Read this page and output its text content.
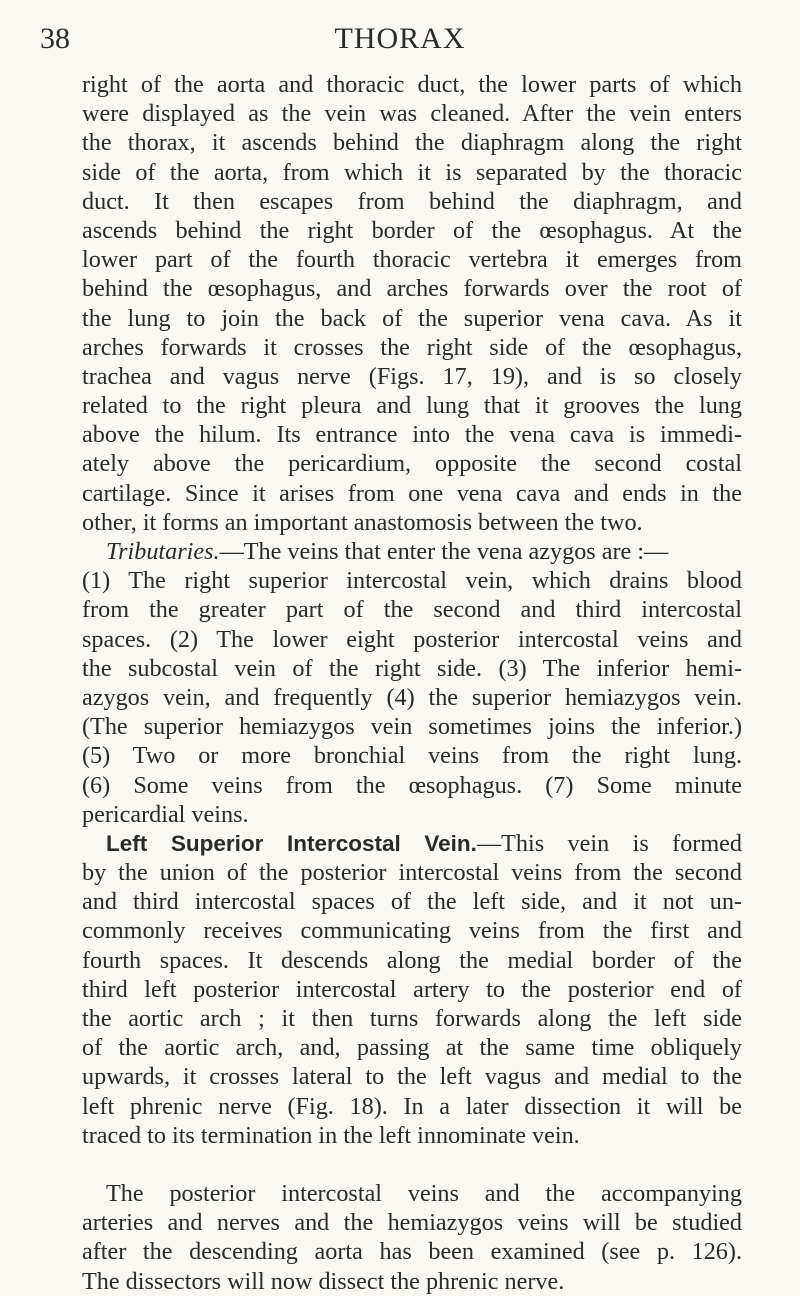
38	THORAX
right of the aorta and thoracic duct, the lower parts of which
were displayed as the vein was cleaned. After the vein enters
the thorax, it ascends behind the diaphragm along the right
side of the aorta, from which it is separated by the thoracic
duct. It then escapes from behind the diaphragm, and
ascends behind the right border of the œsophagus. At the
lower part of the fourth thoracic vertebra it emerges from
behind the œsophagus, and arches forwards over the root of
the lung to join the back of the superior vena cava. As it
arches forwards it crosses the right side of the œsophagus,
trachea and vagus nerve (Figs. 17, 19), and is so closely
related to the right pleura and lung that it grooves the lung
above the hilum. Its entrance into the vena cava is immedi-
ately above the pericardium, opposite the second costal
cartilage. Since it arises from one vena cava and ends in the
other, it forms an important anastomosis between the two.
Tributaries.—The veins that enter the vena azygos are :—
(1) The right superior intercostal vein, which drains blood
from the greater part of the second and third intercostal
spaces. (2) The lower eight posterior intercostal veins and
the subcostal vein of the right side. (3) The inferior hemi-
azygos vein, and frequently (4) the superior hemiazygos vein.
(The superior hemiazygos vein sometimes joins the inferior.)
(5) Two or more bronchial veins from the right lung.
(6) Some veins from the œsophagus. (7) Some minute
pericardial veins.
Left Superior Intercostal Vein.—This vein is formed
by the union of the posterior intercostal veins from the second
and third intercostal spaces of the left side, and it not un-
commonly receives communicating veins from the first and
fourth spaces. It descends along the medial border of the
third left posterior intercostal artery to the posterior end of
the aortic arch ; it then turns forwards along the left side
of the aortic arch, and, passing at the same time obliquely
upwards, it crosses lateral to the left vagus and medial to the
left phrenic nerve (Fig. 18). In a later dissection it will be
traced to its termination in the left innominate vein.
The posterior intercostal veins and the accompanying
arteries and nerves and the hemiazygos veins will be studied
after the descending aorta has been examined (see p. 126).
The dissectors will now dissect the phrenic nerve.
